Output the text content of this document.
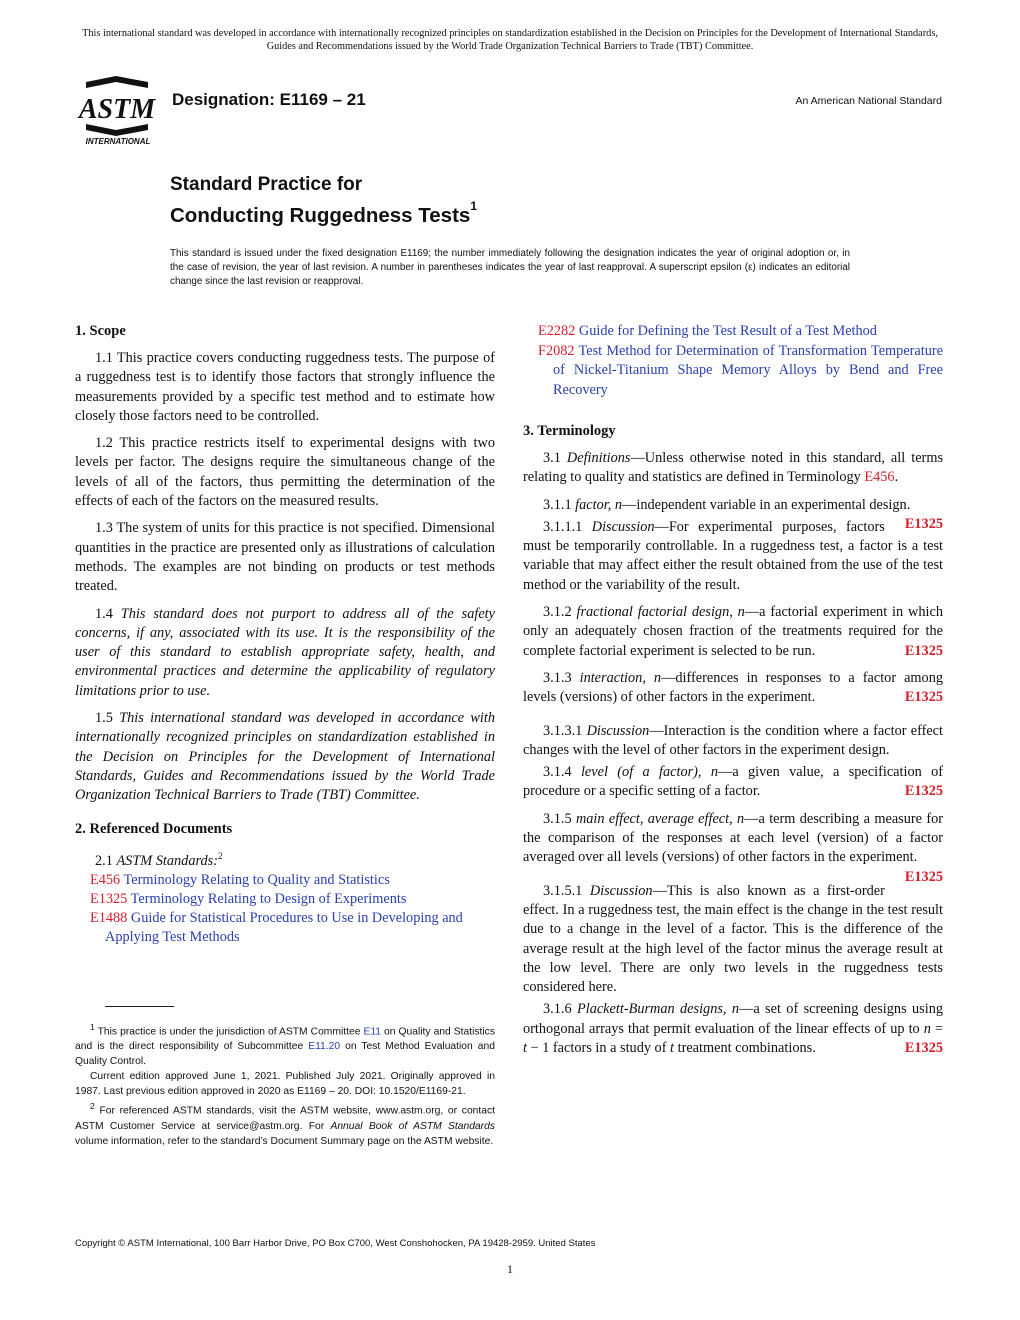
This international standard was developed in accordance with internationally recognized principles on standardization established in the Decision on Principles for the Development of International Standards, Guides and Recommendations issued by the World Trade Organization Technical Barriers to Trade (TBT) Committee.
ASTM
INTERNATIONAL
Designation: E1169 – 21	An American National Standard
Standard Practice for
Conducting Ruggedness Tests$^1$
This standard is issued under the fixed designation E1169; the number immediately following the designation indicates the year of original adoption or, in the case of revision, the year of last revision. A number in parentheses indicates the year of last reapproval. A superscript epsilon (ε) indicates an editorial change since the last revision or reapproval.
1. Scope

1.1 This practice covers conducting ruggedness tests. The purpose of a ruggedness test is to identify those factors that strongly influence the measurements provided by a specific test method and to estimate how closely those factors need to be controlled.

1.2 This practice restricts itself to experimental designs with two levels per factor. The designs require the simultaneous change of the levels of all of the factors, thus permitting the determination of the effects of each of the factors on the measured results.

1.3 The system of units for this practice is not specified. Dimensional quantities in the practice are presented only as illustrations of calculation methods. The examples are not binding on products or test methods treated.

1.4 This standard does not purport to address all of the safety concerns, if any, associated with its use. It is the responsibility of the user of this standard to establish appropriate safety, health, and environmental practices and determine the applicability of regulatory limitations prior to use.

1.5 This international standard was developed in accordance with internationally recognized principles on standardization established in the Decision on Principles for the Development of International Standards, Guides and Recommendations issued by the World Trade Organization Technical Barriers to Trade (TBT) Committee.

2. Referenced Documents

2.1 ASTM Standards:$^2$

E456 Terminology Relating to Quality and Statistics
E1325 Terminology Relating to Design of Experiments
E1488 Guide for Statistical Procedures to Use in Developing and Applying Test Methods

$^1$ This practice is under the jurisdiction of ASTM Committee E11 on Quality and Statistics and is the direct responsibility of Subcommittee E11.20 on Test Method Evaluation and Quality Control.

Current edition approved June 1, 2021. Published July 2021. Originally approved in 1987. Last previous edition approved in 2020 as E1169 – 20. DOI: 10.1520/E1169-21.

$^2$ For referenced ASTM standards, visit the ASTM website, www.astm.org, or contact ASTM Customer Service at service@astm.org. For Annual Book of ASTM Standards volume information, refer to the standard’s Document Summary page on the ASTM website.

E2282 Guide for Defining the Test Result of a Test Method
F2082 Test Method for Determination of Transformation Temperature of Nickel-Titanium Shape Memory Alloys by Bend and Free Recovery
3. Terminology

3.1 Definitions—Unless otherwise noted in this standard, all terms relating to quality and statistics are defined in Terminology E456.

3.1.1 factor, n—independent variable in an experimental design.
E1325

3.1.1.1 Discussion—For experimental purposes, factors must be temporarily controllable. In a ruggedness test, a factor is a test variable that may affect either the result obtained from the use of the test method or the variability of the result.

3.1.2 fractional factorial design, n—a factorial experiment in which only an adequately chosen fraction of the treatments required for the complete factorial experiment is selected to be run.	E1325

3.1.3 interaction, n—differences in responses to a factor among levels (versions) of other factors in the experiment.	E1325

3.1.3.1 Discussion—Interaction is the condition where a factor effect changes with the level of other factors in the experiment design.

3.1.4 level (of a factor), n—a given value, a specification of procedure or a specific setting of a factor.	E1325

3.1.5 main effect, average effect, n—a term describing a measure for the comparison of the responses at each level (version) of a factor averaged over all levels (versions) of other factors in the experiment.
E1325

3.1.5.1 Discussion—This is also known as a first-order effect. In a ruggedness test, the main effect is the change in the test result due to a change in the level of a factor. This is the difference of the average result at the high level of the factor minus the average result at the low level. There are only two levels in the ruggedness tests considered here.

3.1.6 Plackett-Burman designs, n—a set of screening designs using orthogonal arrays that permit evaluation of the linear effects of up to n = t − 1 factors in a study of t treatment combinations.	E1325

Copyright © ASTM International, 100 Barr Harbor Drive, PO Box C700, West Conshohocken, PA 19428-2959. United States
1
